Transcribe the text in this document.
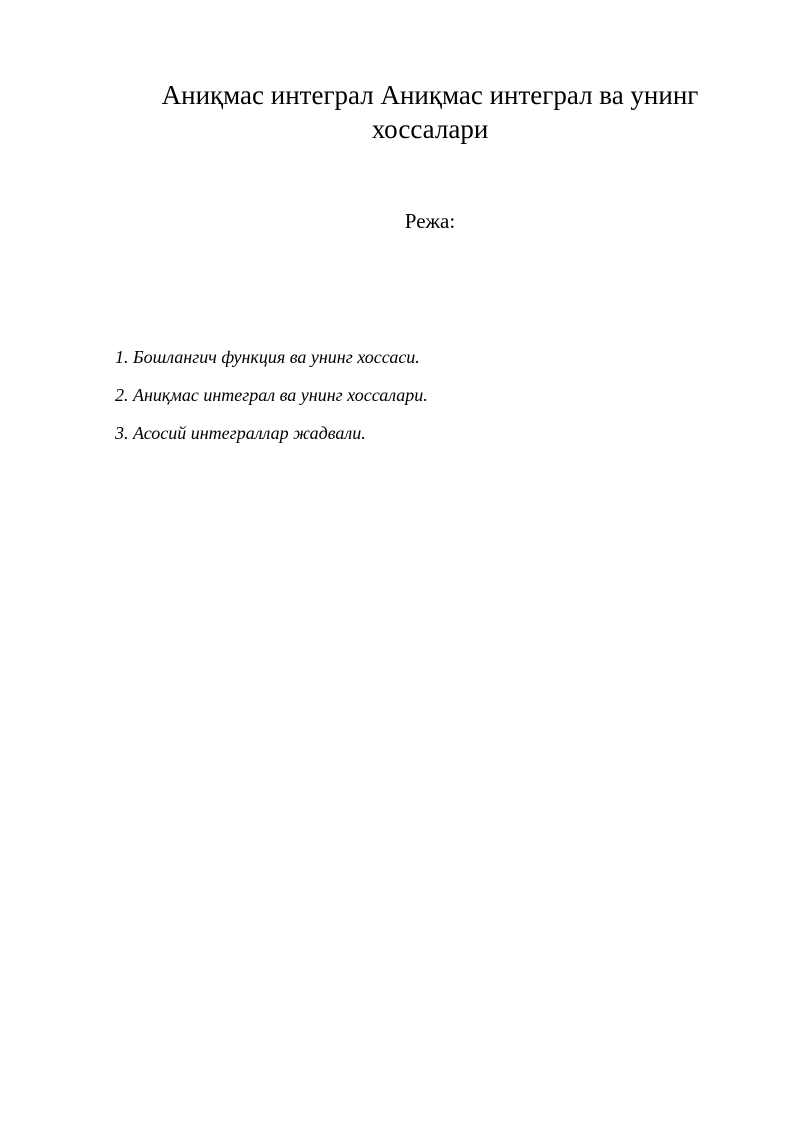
Аниқмас интеграл Аниқмас интеграл ва унинг хоссалари
Режа:
1. Бошлангич функция ва унинг хоссаси.
2. Аниқмас интеграл ва унинг хоссалари.
3. Асосий интеграллар жадвали.
